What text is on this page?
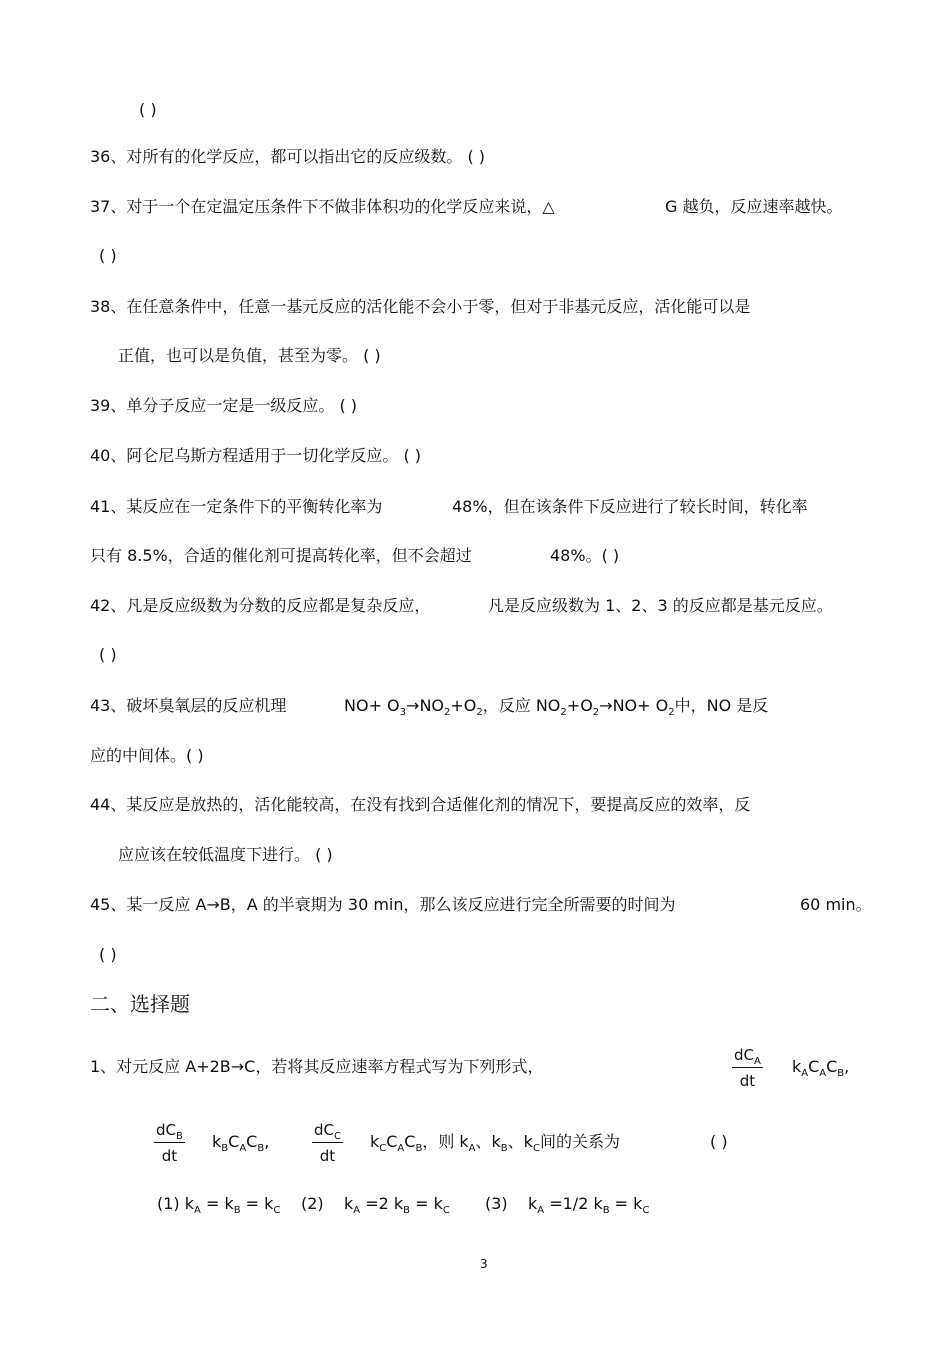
( )
36、对所有的化学反应，都可以指出它的反应级数。 ( )
37、对于一个在定温定压条件下不做非体积功的化学反应来说，△	G 越负，反应速率越快。
( )
38、在任意条件中，任意一基元反应的活化能不会小于零，但对于非基元反应，活化能可以是
正值，也可以是负值，甚至为零。 ( )
39、单分子反应一定是一级反应。 ( )
40、阿仑尼乌斯方程适用于一切化学反应。 ( )
41、某反应在一定条件下的平衡转化率为	48%，但在该条件下反应进行了较长时间，转化率
只有 8.5%，合适的催化剂可提高转化率，但不会超过	48%。( )
42、凡是反应级数为分数的反应都是复杂反应，	凡是反应级数为 1、2、3 的反应都是基元反应。
( )
43、破坏臭氧层的反应机理	$NO+ O_3\to NO_2+O_2$，反应 $NO_2+O_2\to NO+ O_2$中，NO 是反
应的中间体。( )
44、某反应是放热的，活化能较高，在没有找到合适催化剂的情况下，要提高反应的效率，反
应应该在较低温度下进行。 ( )
45、某一反应 A→B，A 的半衰期为 30 min，那么该反应进行完全所需要的时间为	60 min。
( )
二、选择题
1、对元反应 A+2B→C，若将其反应速率方程式写为下列形式，
$dC_A$
dt
$k_AC_AC_B$,
$dC_B$
dt
$k_BC_AC_B$,
$dC_C$
dt
$k_CC_AC_B$，则 $k_A$、$k_B$、$k_C$间的关系为	( )
(1) $k_A = k_B = k_C$ (2)    $k_A =2$ $k_B = k_C$ (3)    $k_A =1/2$ $k_B = k_C$
3
